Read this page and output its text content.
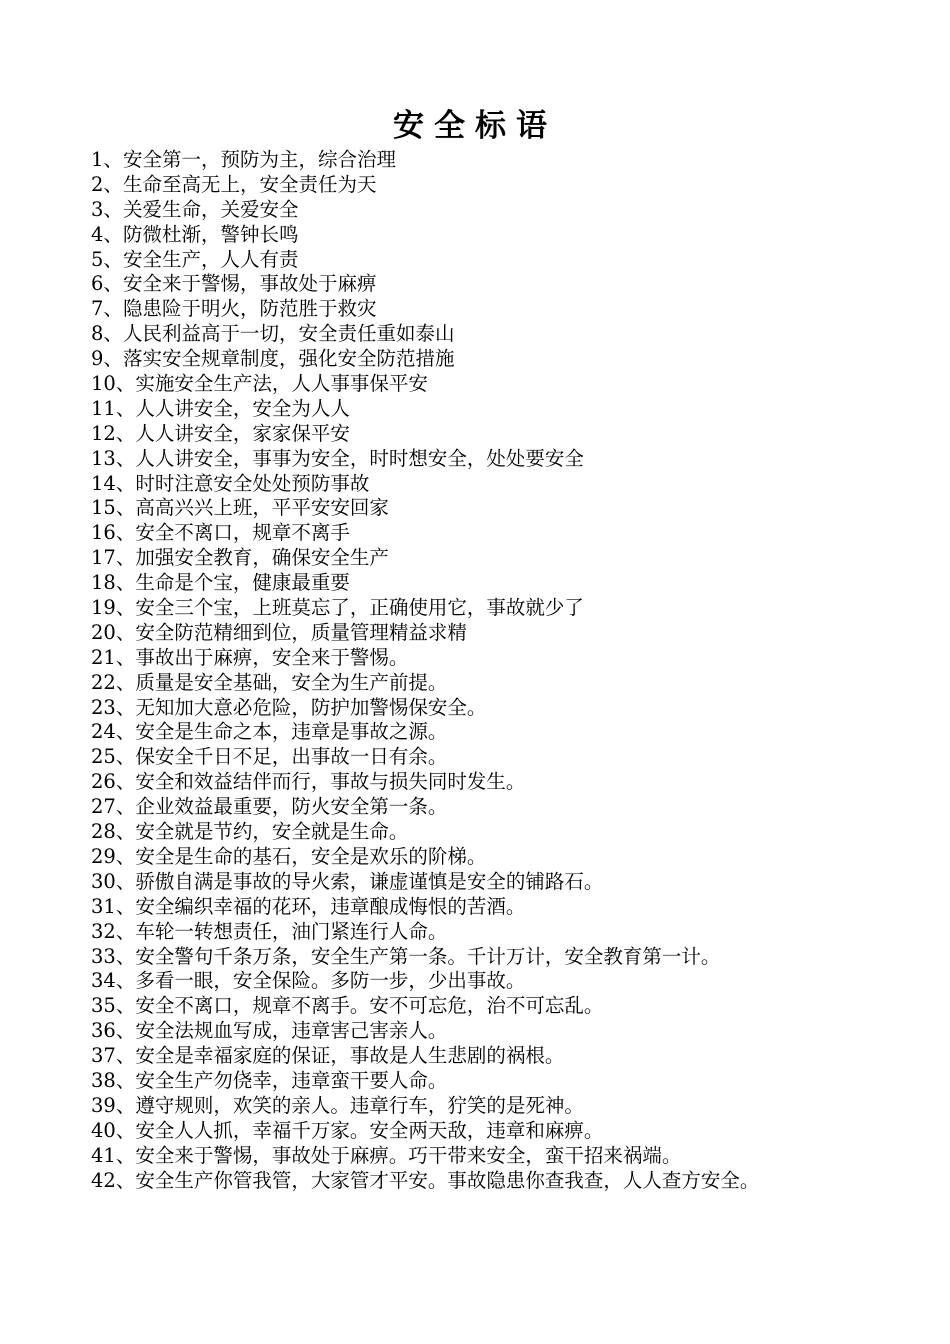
安全标语
1、安全第一，预防为主，综合治理
2、生命至高无上，安全责任为天
3、关爱生命，关爱安全
4、防微杜渐，警钟长鸣
5、安全生产，人人有责
6、安全来于警惕，事故处于麻痹
7、隐患险于明火，防范胜于救灾
8、人民利益高于一切，安全责任重如泰山
9、落实安全规章制度，强化安全防范措施
10、实施安全生产法，人人事事保平安
11、人人讲安全，安全为人人
12、人人讲安全，家家保平安
13、人人讲安全，事事为安全，时时想安全，处处要安全
14、时时注意安全处处预防事故
15、高高兴兴上班，平平安安回家
16、安全不离口，规章不离手
17、加强安全教育，确保安全生产
18、生命是个宝，健康最重要
19、安全三个宝，上班莫忘了，正确使用它，事故就少了
20、安全防范精细到位，质量管理精益求精
21、事故出于麻痹，安全来于警惕。
22、质量是安全基础，安全为生产前提。
23、无知加大意必危险，防护加警惕保安全。
24、安全是生命之本，违章是事故之源。
25、保安全千日不足，出事故一日有余。
26、安全和效益结伴而行，事故与损失同时发生。
27、企业效益最重要，防火安全第一条。
28、安全就是节约，安全就是生命。
29、安全是生命的基石，安全是欢乐的阶梯。
30、骄傲自满是事故的导火索，谦虚谨慎是安全的铺路石。
31、安全编织幸福的花环，违章酿成悔恨的苦酒。
32、车轮一转想责任，油门紧连行人命。
33、安全警句千条万条，安全生产第一条。千计万计，安全教育第一计。
34、多看一眼，安全保险。多防一步，少出事故。
35、安全不离口，规章不离手。安不可忘危，治不可忘乱。
36、安全法规血写成，违章害己害亲人。
37、安全是幸福家庭的保证，事故是人生悲剧的祸根。
38、安全生产勿侥幸，违章蛮干要人命。
39、遵守规则，欢笑的亲人。违章行车，狞笑的是死神。
40、安全人人抓，幸福千万家。安全两天敌，违章和麻痹。
41、安全来于警惕，事故处于麻痹。巧干带来安全，蛮干招来祸端。
42、安全生产你管我管，大家管才平安。事故隐患你查我查，人人查方安全。
